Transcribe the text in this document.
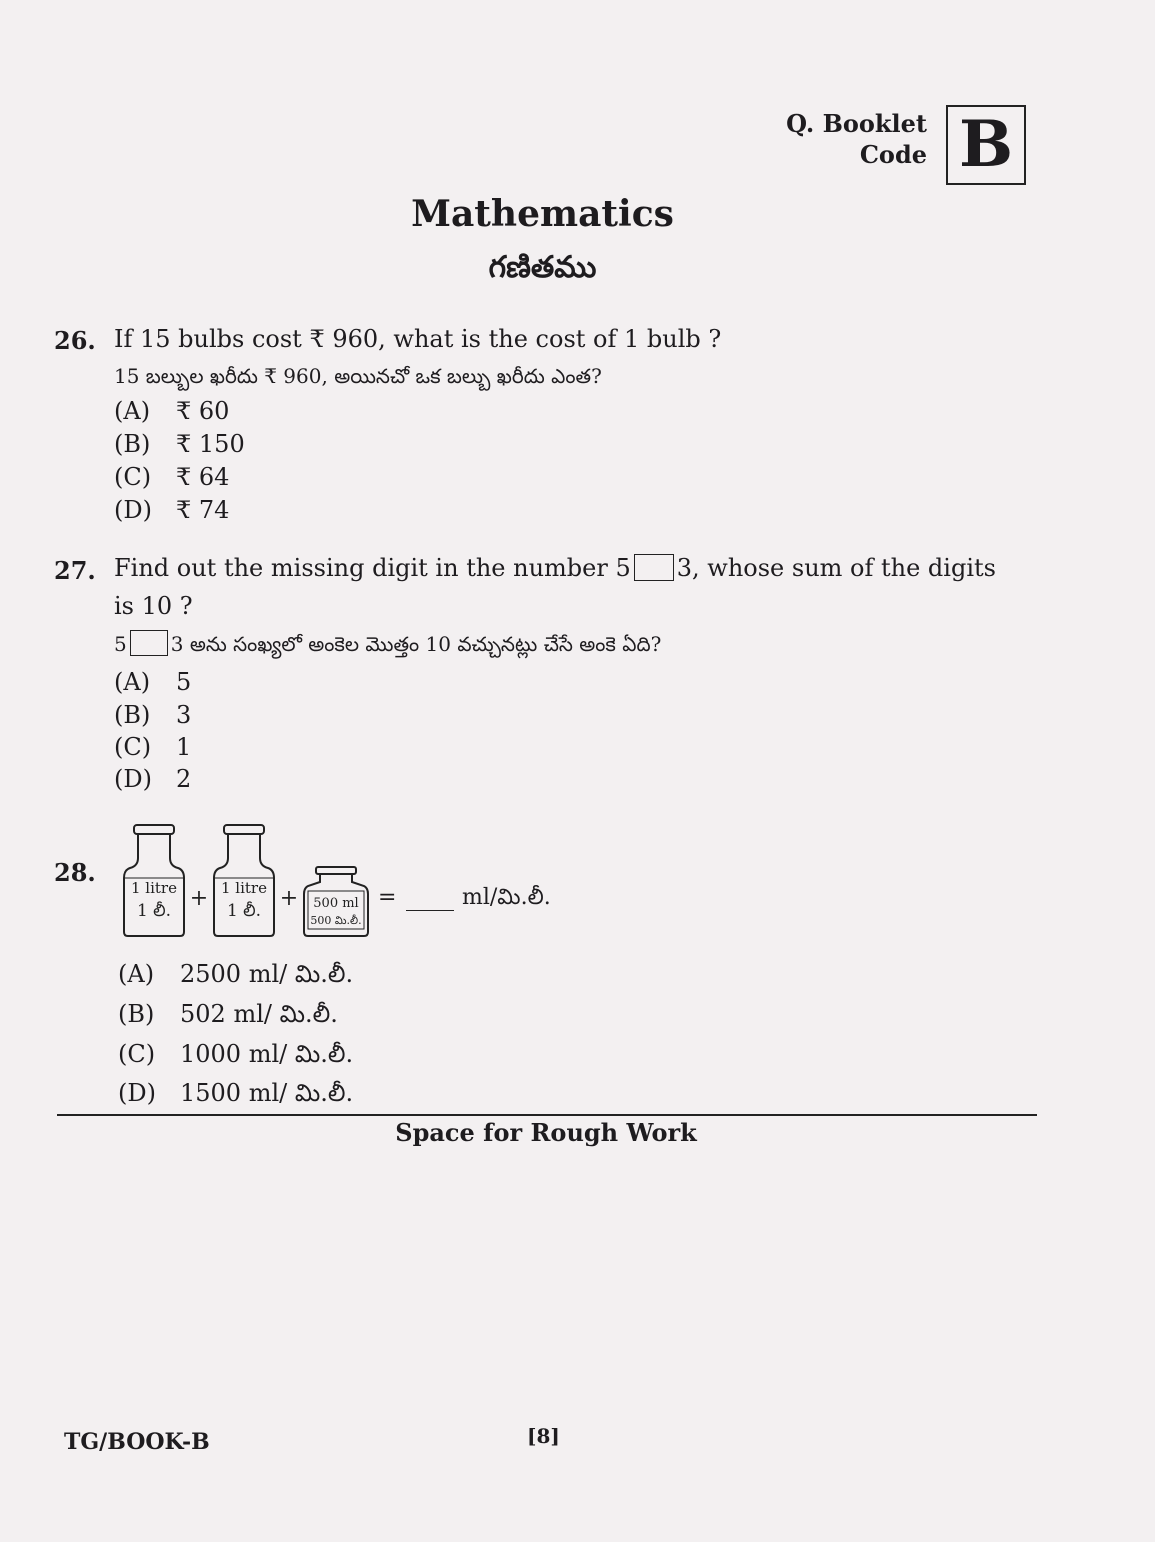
Q. Booklet
Code B
Mathematics
గణితము
26. If 15 bulbs cost ₹ 960, what is the cost of 1 bulb ?
15 బల్బుల ఖరీదు ₹ 960, అయినచో ఒక బల్బు ఖరీదు ఎంత?
(A)	₹ 60
(B)	₹ 150
(C)	₹ 64
(D)	₹ 74
27. Find out the missing digit in the number 5 3, whose sum of the digits
is 10 ?
5 3 అను సంఖ్యలో అంకెల మొత్తం 10 వచ్చునట్లు చేసే అంకె ఏది?
(A)	5
(B)	3
(C)	1
(D)	2
28.
1 litre
1 లీ. + 1 litre
1 లీ. + 500 ml
500 మి.లీ.
=	ml/మి.లీ.
(A)	2500 ml/ మి.లీ.
(B)	502 ml/ మి.లీ.
(C)	1000 ml/ మి.లీ.
(D)	1500 ml/ మి.లీ.
Space for Rough Work
TG/BOOK-B	[8]
